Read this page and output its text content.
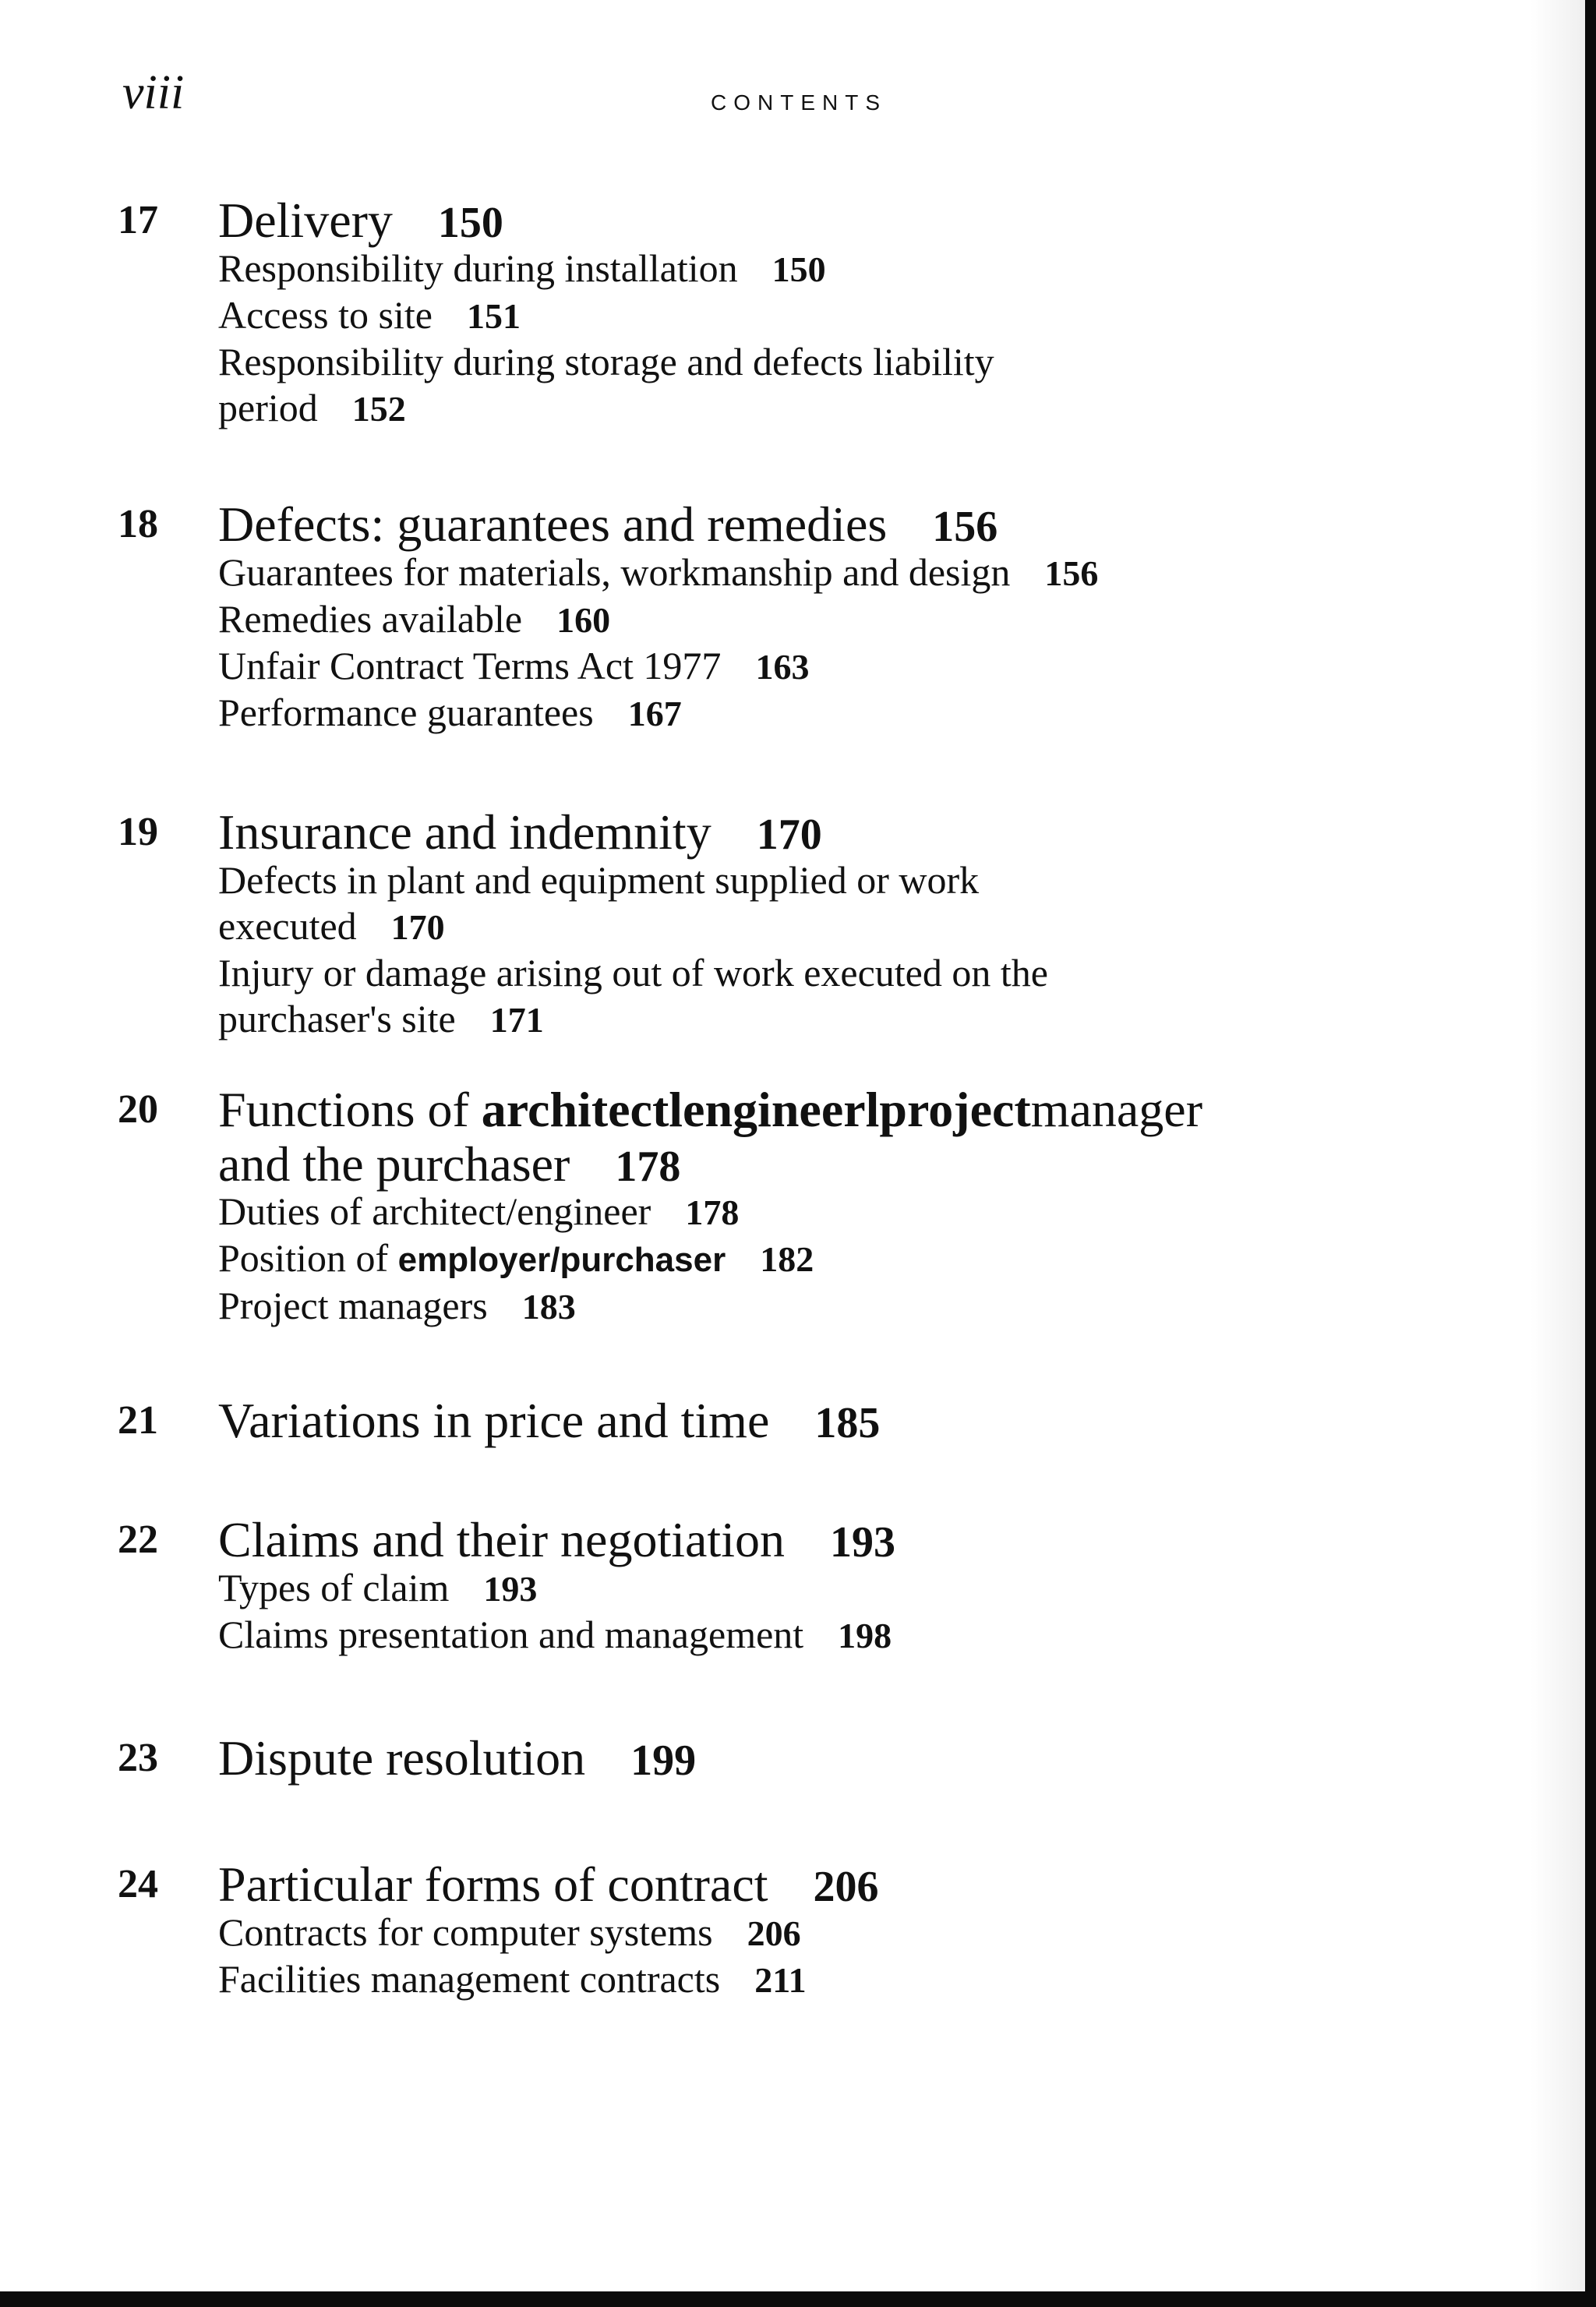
viii	CONTENTS
17 Delivery 150
Responsibility during installation 150
Access to site 151
Responsibility during storage and defects liability
period 152
18 Defects: guarantees and remedies 156
Guarantees for materials, workmanship and design 156
Remedies available 160
Unfair Contract Terms Act 1977 163
Performance guarantees 167
19 Insurance and indemnity 170
Defects in plant and equipment supplied or work
executed 170
Injury or damage arising out of work executed on the
purchaser's site 171
20 Functions of architectlengineerlprojectmanager
and the purchaser 178
Duties of architect/engineer 178
Position of employer/purchaser 182
Project managers 183
21 Variations in price and time 185
22 Claims and their negotiation 193
Types of claim 193
Claims presentation and management 198
23 Dispute resolution 199
24 Particular forms of contract 206
Contracts for computer systems 206
Facilities management contracts 211
